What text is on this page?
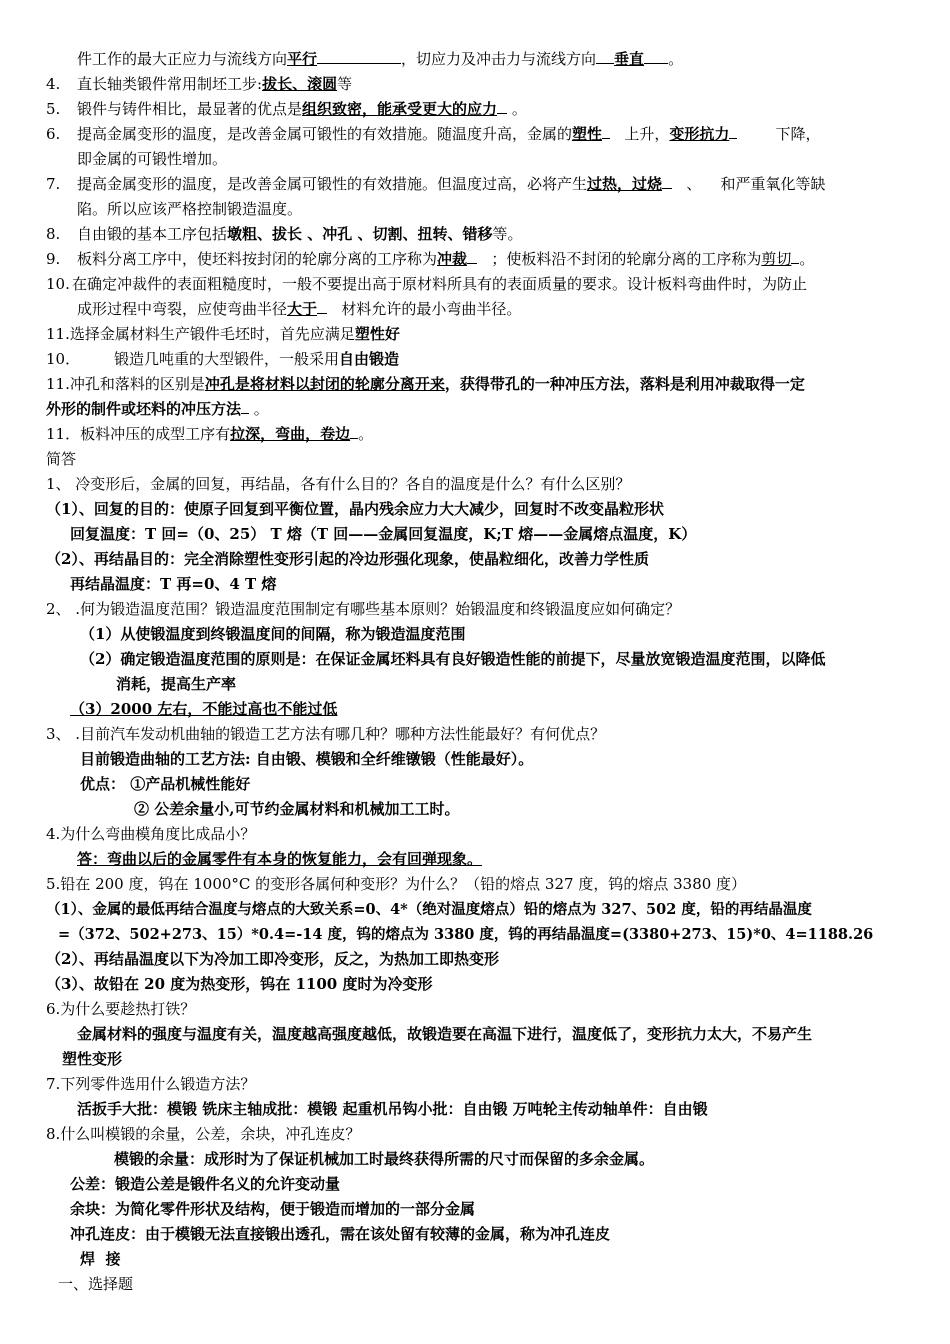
件工作的最大正应力与流线方向平行	，切应力及冲击力与流线方向 垂直 。
4. 直长轴类锻件常用制坯工步:拔长、滚圆等
5. 锻件与铸件相比，最显著的优点是组织致密，能承受更大的应力 。
6. 提高金属变形的温度，是改善金属可锻性的有效措施。随温度升高，金属的塑性 上升，变形抗力	下降，
即金属的可锻性增加。
7. 提高金属变形的温度，是改善金属可锻性的有效措施。但温度过高，必将产生过热，过烧 、 和严重氧化等缺
陷。所以应该严格控制锻造温度。
8. 自由锻的基本工序包括墩粗、拔长 、冲孔 、切割、扭转、错移等。
9. 板料分离工序中，使坯料按封闭的轮廓分离的工序称为冲裁 ；使板料沿不封闭的轮廓分离的工序称为剪切 。
10. 在确定冲裁件的表面粗糙度时，一般不要提出高于原材料所具有的表面质量的要求。设计板料弯曲件时，为防止
成形过程中弯裂，应使弯曲半径大于 材料允许的最小弯曲半径。
11.选择金属材料生产锻件毛坯时，首先应满足塑性好
10． 锻造几吨重的大型锻件，一般采用自由锻造
11.冲孔和落料的区别是冲孔是将材料以封闭的轮廓分离开来，获得带孔的一种冲压方法，落料是利用冲裁取得一定
外形的制件或坯料的冲压方法 。
11．板料冲压的成型工序有拉深，弯曲，卷边 。
简答
1、 冷变形后，金属的回复，再结晶，各有什么目的？各自的温度是什么？有什么区别？
（1）、回复的目的：使原子回复到平衡位置，晶内残余应力大大减少，回复时不改变晶粒形状
回复温度：T 回=（0、25） T 熔（T 回——金属回复温度，K;T 熔——金属熔点温度，K）
（2）、再结晶目的：完全消除塑性变形引起的冷边形强化现象，使晶粒细化，改善力学性质
再结晶温度：T 再=0、4 T 熔
2、 .何为锻造温度范围？锻造温度范围制定有哪些基本原则？始锻温度和终锻温度应如何确定？
（1）从使锻温度到终锻温度间的间隔，称为锻造温度范围
（2）确定锻造温度范围的原则是：在保证金属坯料具有良好锻造性能的前提下，尽量放宽锻造温度范围，以降低
消耗，提高生产率
（3）2000 左右，不能过高也不能过低
3、 .目前汽车发动机曲轴的锻造工艺方法有哪几种？哪种方法性能最好？有何优点？
目前锻造曲轴的工艺方法: 自由锻、模锻和全纤维镦锻（性能最好）。
优点： ①产品机械性能好
② 公差余量小,可节约金属材料和机械加工工时。
4.为什么弯曲模角度比成品小？
答：弯曲以后的金属零件有本身的恢复能力，会有回弹现象。
5.铅在 200 度，钨在 1000°C 的变形各属何种变形？为什么？（铅的熔点 327 度，钨的熔点 3380 度）
（1）、金属的最低再结合温度与熔点的大致关系=0、4*（绝对温度熔点）铅的熔点为 327、502 度，铅的再结晶温度
=（372、502+273、15）*0.4=-14 度，钨的熔点为 3380 度，钨的再结晶温度=(3380+273、15)*0、4=1188.26
（2）、再结晶温度以下为冷加工即冷变形，反之，为热加工即热变形
（3）、故铅在 20 度为热变形，钨在 1100 度时为冷变形
6.为什么要趁热打铁？
金属材料的强度与温度有关，温度越高强度越低，故锻造要在高温下进行，温度低了，变形抗力太大，不易产生
塑性变形
7.下列零件选用什么锻造方法？
活扳手大批：模锻 铣床主轴成批：模锻 起重机吊钩小批：自由锻 万吨轮主传动轴单件：自由锻
8.什么叫模锻的余量，公差，余块，冲孔连皮？
模锻的余量：成形时为了保证机械加工时最终获得所需的尺寸而保留的多余金属。
公差：锻造公差是锻件名义的允许变动量
余块：为简化零件形状及结构，便于锻造而增加的一部分金属
冲孔连皮：由于模锻无法直接锻出透孔，需在该处留有较薄的金属，称为冲孔连皮
焊  接
一、选择题
